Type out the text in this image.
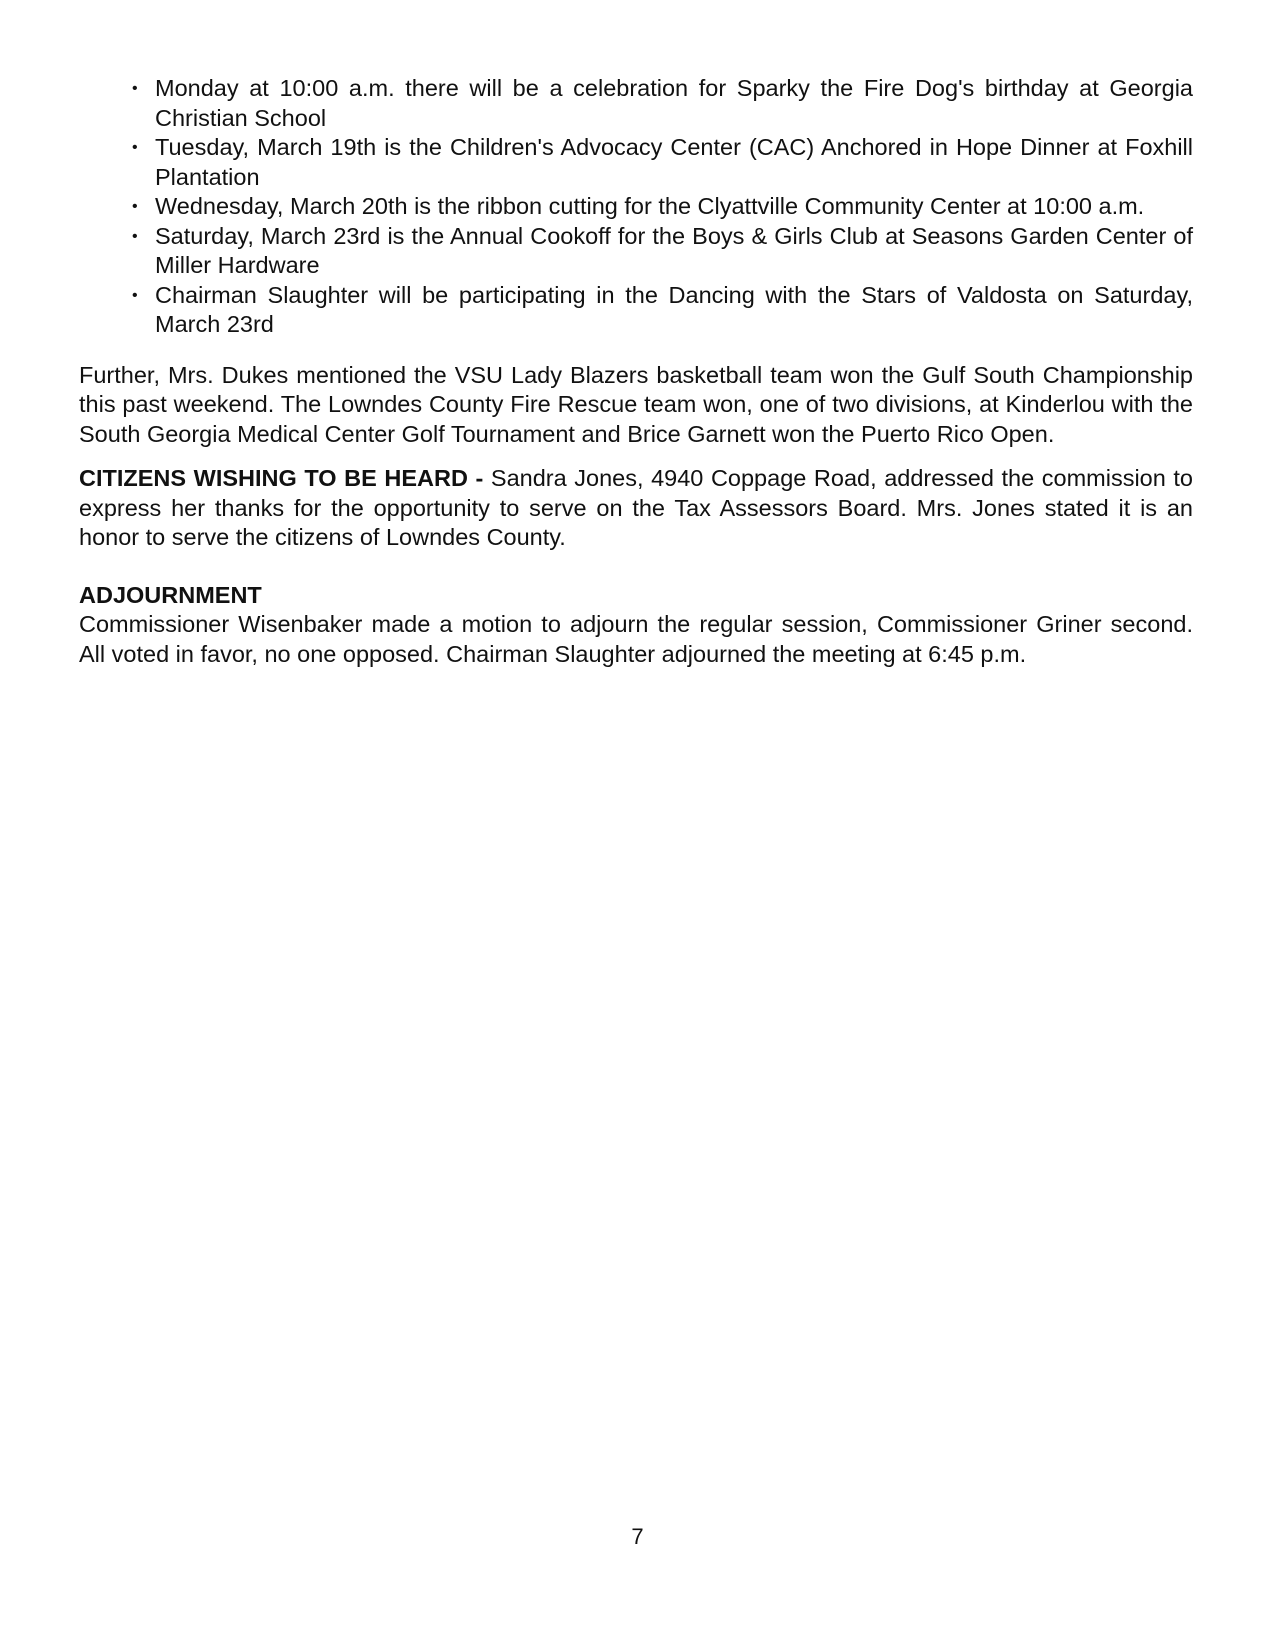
• Monday at 10:00 a.m. there will be a celebration for Sparky the Fire Dog's birthday at Georgia Christian School
• Tuesday, March 19th is the Children's Advocacy Center (CAC) Anchored in Hope Dinner at Foxhill Plantation
• Wednesday, March 20th is the ribbon cutting for the Clyattville Community Center at 10:00 a.m.
• Saturday, March 23rd is the Annual Cookoff for the Boys & Girls Club at Seasons Garden Center of Miller Hardware
• Chairman Slaughter will be participating in the Dancing with the Stars of Valdosta on Saturday, March 23rd

Further, Mrs. Dukes mentioned the VSU Lady Blazers basketball team won the Gulf South Championship this past weekend. The Lowndes County Fire Rescue team won, one of two divisions, at Kinderlou with the South Georgia Medical Center Golf Tournament and Brice Garnett won the Puerto Rico Open.

CITIZENS WISHING TO BE HEARD - Sandra Jones, 4940 Coppage Road, addressed the commission to express her thanks for the opportunity to serve on the Tax Assessors Board. Mrs. Jones stated it is an honor to serve the citizens of Lowndes County.

ADJOURNMENT

Commissioner Wisenbaker made a motion to adjourn the regular session, Commissioner Griner second. All voted in favor, no one opposed. Chairman Slaughter adjourned the meeting at 6:45 p.m.

7
